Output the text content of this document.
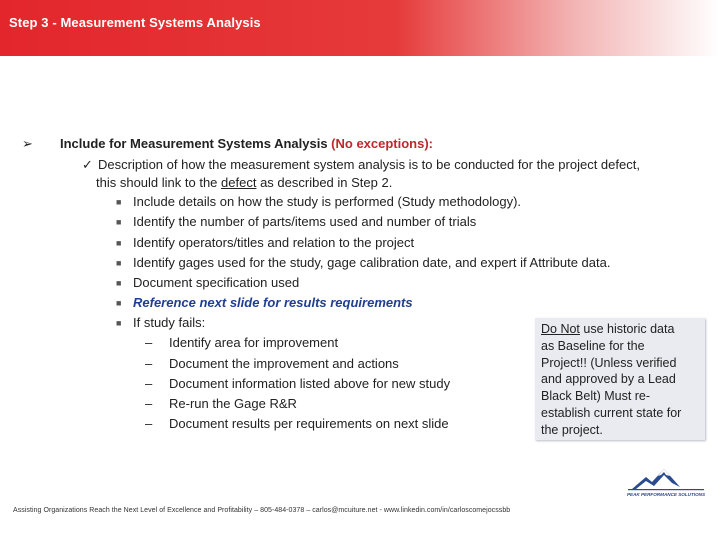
Step 3 - Measurement Systems Analysis
➢ Include for Measurement Systems Analysis (No exceptions):
✓ Description of how the measurement system analysis is to be conducted for the project defect,
this should link to the defect as described in Step 2.
■ Include details on how the study is performed (Study methodology).
■ Identify the number of parts/items used and number of trials
■ Identify operators/titles and relation to the project
■ Identify gages used for the study, gage calibration date, and expert if Attribute data.
■ Document specification used
■ Reference next slide for results requirements
■ If study fails:
– Identify area for improvement
– Document the improvement and actions
– Document information listed above for new study
– Re-run the Gage R&R
– Document results per requirements on next slide
Do Not use historic data
as Baseline for the
Project!! (Unless verified
and approved by a Lead
Black Belt) Must re-
establish current state for
the project.
PEAK PERFORMANCE SOLUTIONS
Assisting Organizations Reach the Next Level of Excellence and Profitability – 805-484-0378 – carlos@mcuiture.net - www.linkedin.com/in/carloscomejocssbb
